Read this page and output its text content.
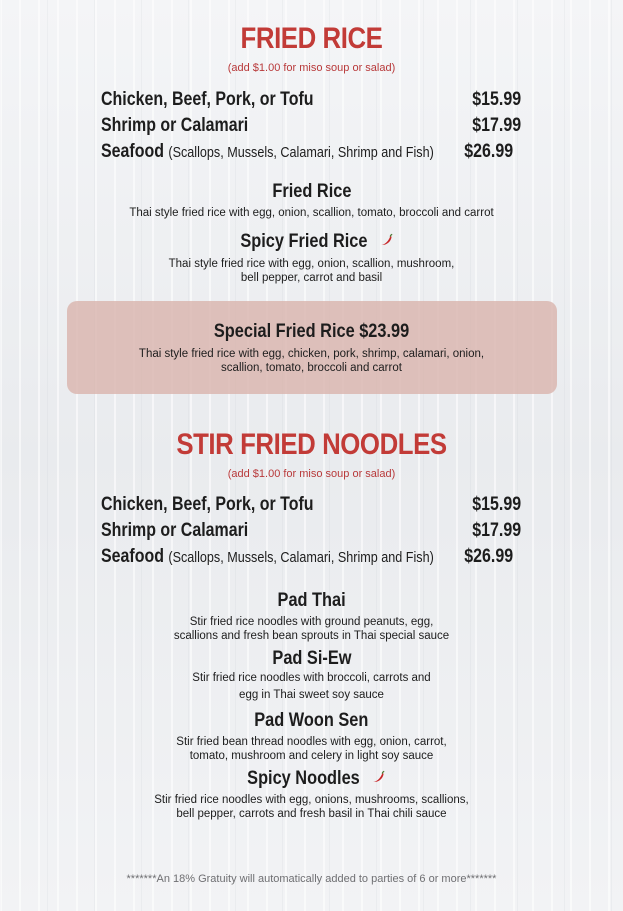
FRIED RICE
(add $1.00 for miso soup or salad)
Chicken, Beef, Pork, or Tofu	$15.99
Shrimp or Calamari	$17.99
Seafood (Scallops, Mussels, Calamari, Shrimp and Fish) $26.99
Fried Rice
Thai style fried rice with egg, onion, scallion, tomato, broccoli and carrot
Spicy Fried Rice
Thai style fried rice with egg, onion, scallion, mushroom,
bell pepper, carrot and basil
Special Fried Rice $23.99
Thai style fried rice with egg, chicken, pork, shrimp, calamari, onion,
scallion, tomato, broccoli and carrot
STIR FRIED NOODLES
(add $1.00 for miso soup or salad)
Chicken, Beef, Pork, or Tofu	$15.99
Shrimp or Calamari	$17.99
Seafood (Scallops, Mussels, Calamari, Shrimp and Fish) $26.99
Pad Thai
Stir fried rice noodles with ground peanuts, egg,
scallions and fresh bean sprouts in Thai special sauce
Pad Si-Ew
Stir fried rice noodles with broccoli, carrots and
egg in Thai sweet soy sauce
Pad Woon Sen
Stir fried bean thread noodles with egg, onion, carrot,
tomato, mushroom and celery in light soy sauce
Spicy Noodles
Stir fried rice noodles with egg, onions, mushrooms, scallions,
bell pepper, carrots and fresh basil in Thai chili sauce
*******An 18% Gratuity will automatically added to parties of 6 or more*******
